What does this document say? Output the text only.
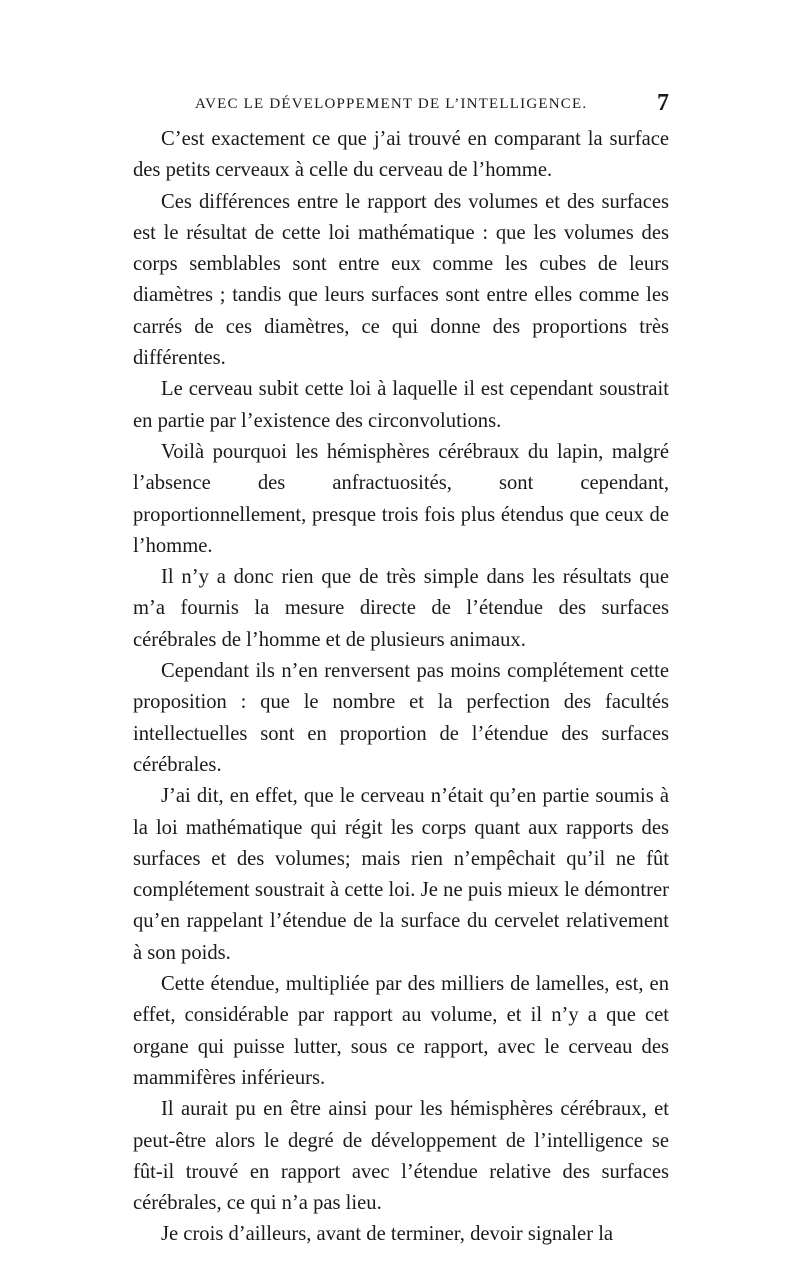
AVEC LE DÉVELOPPEMENT DE L’INTELLIGENCE.	7

C’est exactement ce que j’ai trouvé en comparant la surface des petits cerveaux à celle du cerveau de l’homme.

Ces différences entre le rapport des volumes et des surfaces est le résultat de cette loi mathématique : que les volumes des corps semblables sont entre eux comme les cubes de leurs diamètres ; tandis que leurs surfaces sont entre elles comme les carrés de ces diamètres, ce qui donne des proportions très différentes.

Le cerveau subit cette loi à laquelle il est cependant soustrait en partie par l’existence des circonvolutions.

Voilà pourquoi les hémisphères cérébraux du lapin, malgré l’absence des anfractuosités, sont cependant, proportionnellement, presque trois fois plus étendus que ceux de l’homme.

Il n’y a donc rien que de très simple dans les résultats que m’a fournis la mesure directe de l’étendue des surfaces cérébrales de l’homme et de plusieurs animaux.

Cependant ils n’en renversent pas moins complétement cette proposition : que le nombre et la perfection des facultés intellectuelles sont en proportion de l’étendue des surfaces cérébrales.

J’ai dit, en effet, que le cerveau n’était qu’en partie soumis à la loi mathématique qui régit les corps quant aux rapports des surfaces et des volumes; mais rien n’empêchait qu’il ne fût complétement soustrait à cette loi. Je ne puis mieux le démontrer qu’en rappelant l’étendue de la surface du cervelet relativement à son poids.

Cette étendue, multipliée par des milliers de lamelles, est, en effet, considérable par rapport au volume, et il n’y a que cet organe qui puisse lutter, sous ce rapport, avec le cerveau des mammifères inférieurs.

Il aurait pu en être ainsi pour les hémisphères cérébraux, et peut-être alors le degré de développement de l’intelligence se fût-il trouvé en rapport avec l’étendue relative des surfaces cérébrales, ce qui n’a pas lieu.

Je crois d’ailleurs, avant de terminer, devoir signaler la
